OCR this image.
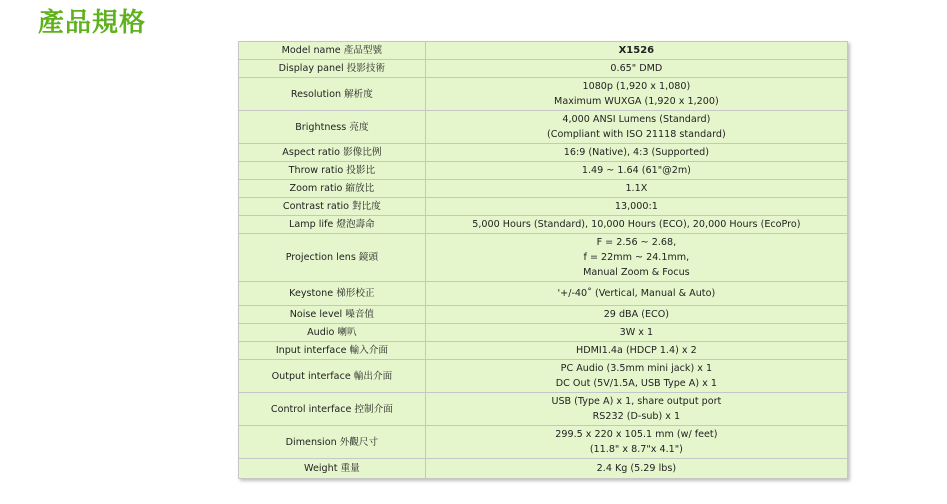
產品規格
Model name 產品型號	X1526

Display panel 投影技術	0.65" DMD

Resolution 解析度	1080p (1,920 x 1,080)
Maximum WUXGA (1,920 x 1,200)

Brightness 亮度	4,000 ANSI Lumens (Standard)
(Compliant with ISO 21118 standard)

Aspect ratio 影像比例	16:9 (Native), 4:3 (Supported)

Throw ratio 投影比	1.49 ~ 1.64 (61"@2m)

Zoom ratio 縮放比	1.1X

Contrast ratio 對比度	13,000:1

Lamp life 燈泡壽命	5,000 Hours (Standard), 10,000 Hours (ECO), 20,000 Hours (EcoPro)

Projection lens 鏡頭	F = 2.56 ~ 2.68,
f = 22mm ~ 24.1mm,
Manual Zoom & Focus

Keystone 梯形校正	'+/-40˚ (Vertical, Manual & Auto)

Noise level 噪音值	29 dBA (ECO)

Audio 喇叭	3W x 1

Input interface 輸入介面	HDMI1.4a (HDCP 1.4) x 2

Output interface 輸出介面	PC Audio (3.5mm mini jack) x 1
DC Out (5V/1.5A, USB Type A) x 1

Control interface 控制介面	USB (Type A) x 1, share output port
RS232 (D-sub) x 1

Dimension 外觀尺寸	299.5 x 220 x 105.1 mm (w/ feet)
(11.8" x 8.7"x 4.1")

Weight 重量	2.4 Kg (5.29 lbs)
